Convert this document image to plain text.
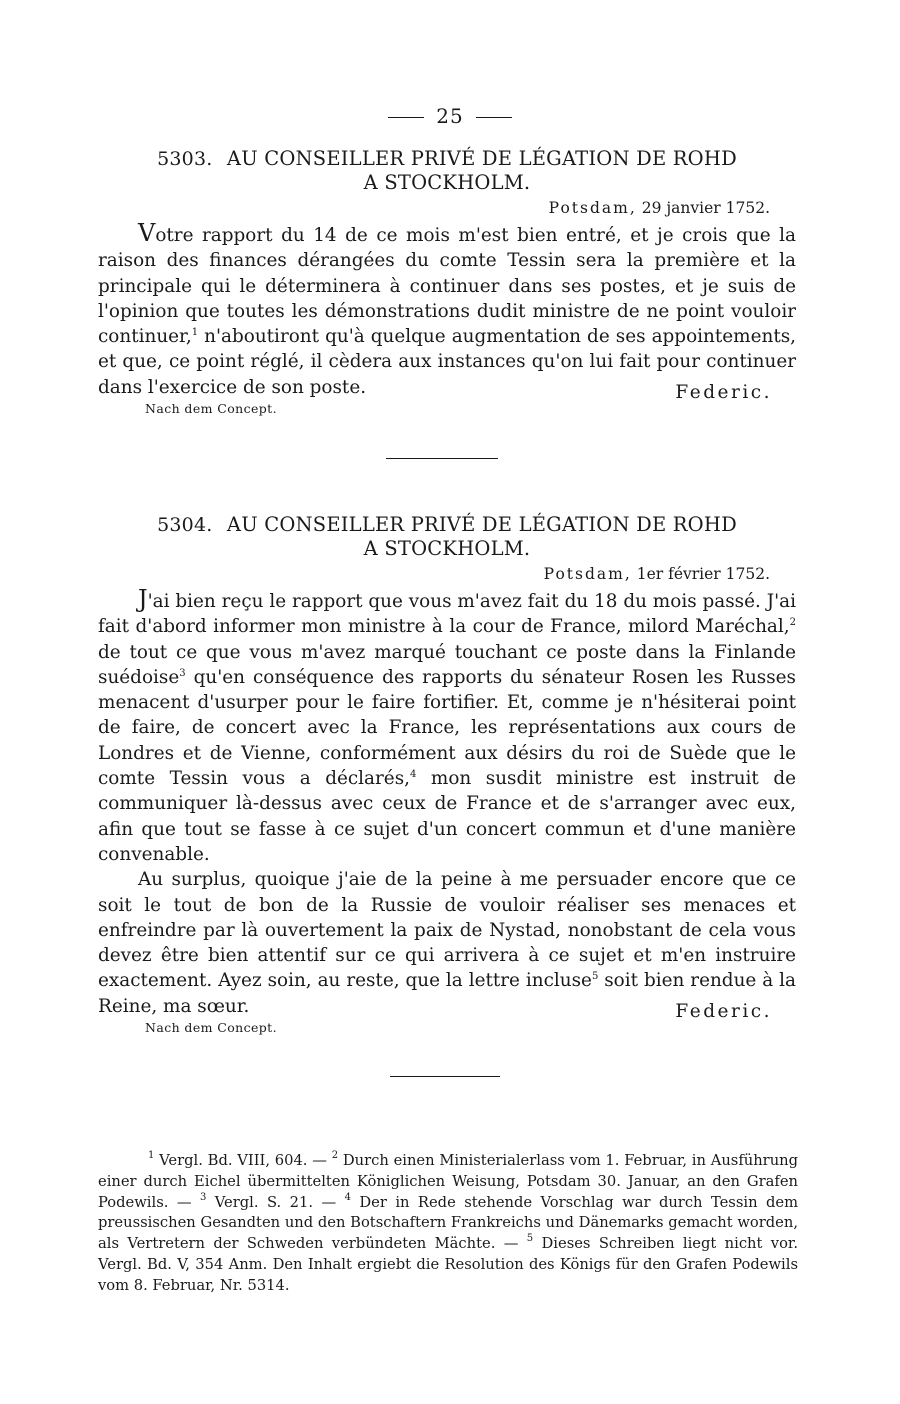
25
5303. AU CONSEILLER PRIVÉ DE LÉGATION DE ROHD
A STOCKHOLM.
Potsdam, 29 janvier 1752.

Votre rapport du 14 de ce mois m'est bien entré, et je crois que la raison des finances dérangées du comte Tessin sera la première et la principale qui le déterminera à continuer dans ses postes, et je suis de l'opinion que toutes les démonstrations dudit ministre de ne point vouloir continuer,$^1$ n'aboutiront qu'à quelque augmentation de ses appointements, et que, ce point réglé, il cèdera aux instances qu'on lui fait pour continuer dans l'exercice de son poste.	Federic.
Nach dem Concept.
5304. AU CONSEILLER PRIVÉ DE LÉGATION DE ROHD
A STOCKHOLM.
Potsdam, 1er février 1752.

J'ai bien reçu le rapport que vous m'avez fait du 18 du mois passé. J'ai fait d'abord informer mon ministre à la cour de France, milord Maréchal,$^2$ de tout ce que vous m'avez marqué touchant ce poste dans la Finlande suédoise$^3$ qu'en conséquence des rapports du sénateur Rosen les Russes menacent d'usurper pour le faire fortifier. Et, comme je n'hésiterai point de faire, de concert avec la France, les représentations aux cours de Londres et de Vienne, conformément aux désirs du roi de Suède que le comte Tessin vous a déclarés,$^4$ mon susdit ministre est instruit de communiquer là-dessus avec ceux de France et de s'arranger avec eux, afin que tout se fasse à ce sujet d'un concert commun et d'une manière convenable.

Au surplus, quoique j'aie de la peine à me persuader encore que ce soit le tout de bon de la Russie de vouloir réaliser ses menaces et enfreindre par là ouvertement la paix de Nystad, nonobstant de cela vous devez être bien attentif sur ce qui arrivera à ce sujet et m'en instruire exactement. Ayez soin, au reste, que la lettre incluse$^5$ soit bien rendue à la Reine, ma sœur.	Federic.
Nach dem Concept.

$^1$ Vergl. Bd. VIII, 604. — $^2$ Durch einen Ministerialerlass vom 1. Februar, in Ausführung einer durch Eichel übermittelten Königlichen Weisung, Potsdam 30. Januar, an den Grafen Podewils. — $^3$ Vergl. S. 21. — $^4$ Der in Rede stehende Vorschlag war durch Tessin dem preussischen Gesandten und den Botschaftern Frankreichs und Dänemarks gemacht worden, als Vertretern der Schweden verbündeten Mächte. — $^5$ Dieses Schreiben liegt nicht vor. Vergl. Bd. V, 354 Anm. Den Inhalt ergiebt die Resolution des Königs für den Grafen Podewils vom 8. Februar, Nr. 5314.
